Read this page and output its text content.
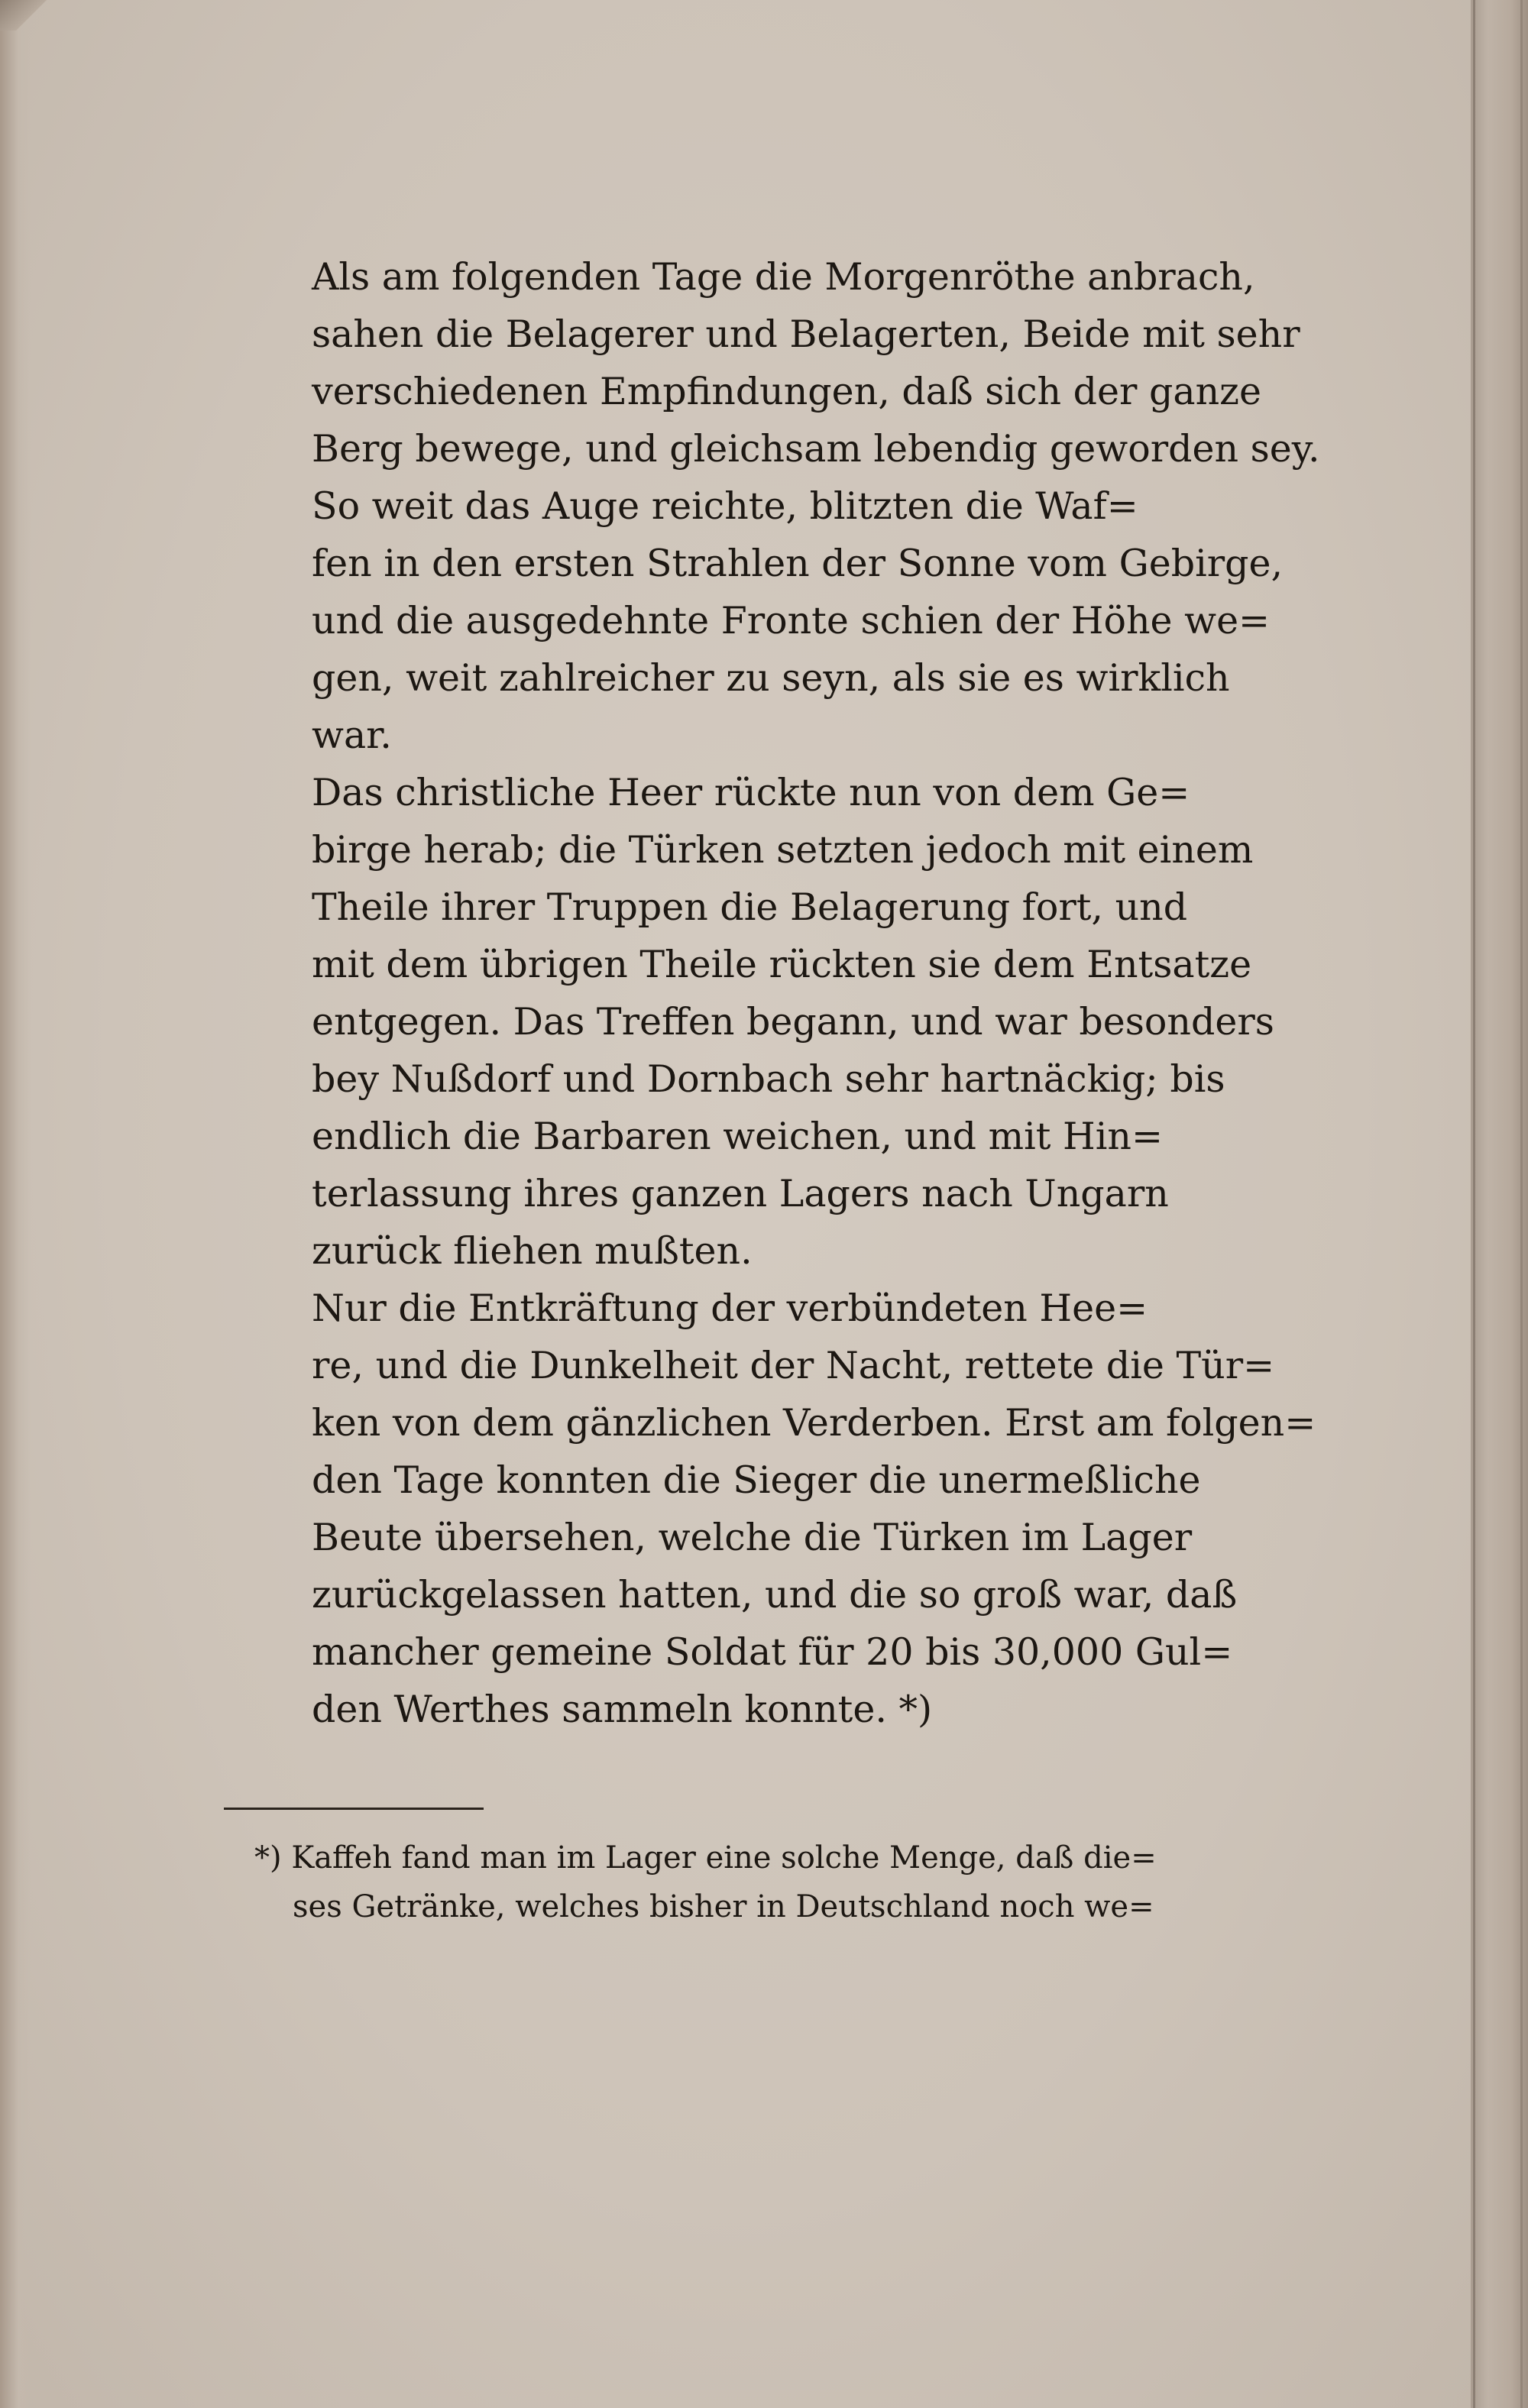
Als am folgenden Tage die Morgenröthe anbrach,
sahen die Belagerer und Belagerten, Beide mit sehr
verschiedenen Empfindungen, daß sich der ganze
Berg bewege, und gleichsam lebendig geworden sey.

So weit das Auge reichte, blitzten die Waf=
fen in den ersten Strahlen der Sonne vom Gebirge,
und die ausgedehnte Fronte schien der Höhe we=
gen, weit zahlreicher zu seyn, als sie es wirklich
war.

Das christliche Heer rückte nun von dem Ge=
birge herab; die Türken setzten jedoch mit einem
Theile ihrer Truppen die Belagerung fort, und
mit dem übrigen Theile rückten sie dem Entsatze
entgegen. Das Treffen begann, und war besonders
bey Nußdorf und Dornbach sehr hartnäckig; bis
endlich die Barbaren weichen, und mit Hin=
terlassung ihres ganzen Lagers nach Ungarn
zurück fliehen mußten.

Nur die Entkräftung der verbündeten Hee=
re, und die Dunkelheit der Nacht, rettete die Tür=
ken von dem gänzlichen Verderben. Erst am folgen=
den Tage konnten die Sieger die unermeßliche
Beute übersehen, welche die Türken im Lager
zurückgelassen hatten, und die so groß war, daß
mancher gemeine Soldat für 20 bis 30,000 Gul=
den Werthes sammeln konnte. *)

*) Kaffeh fand man im Lager eine solche Menge, daß die=
ses Getränke, welches bisher in Deutschland noch we=
